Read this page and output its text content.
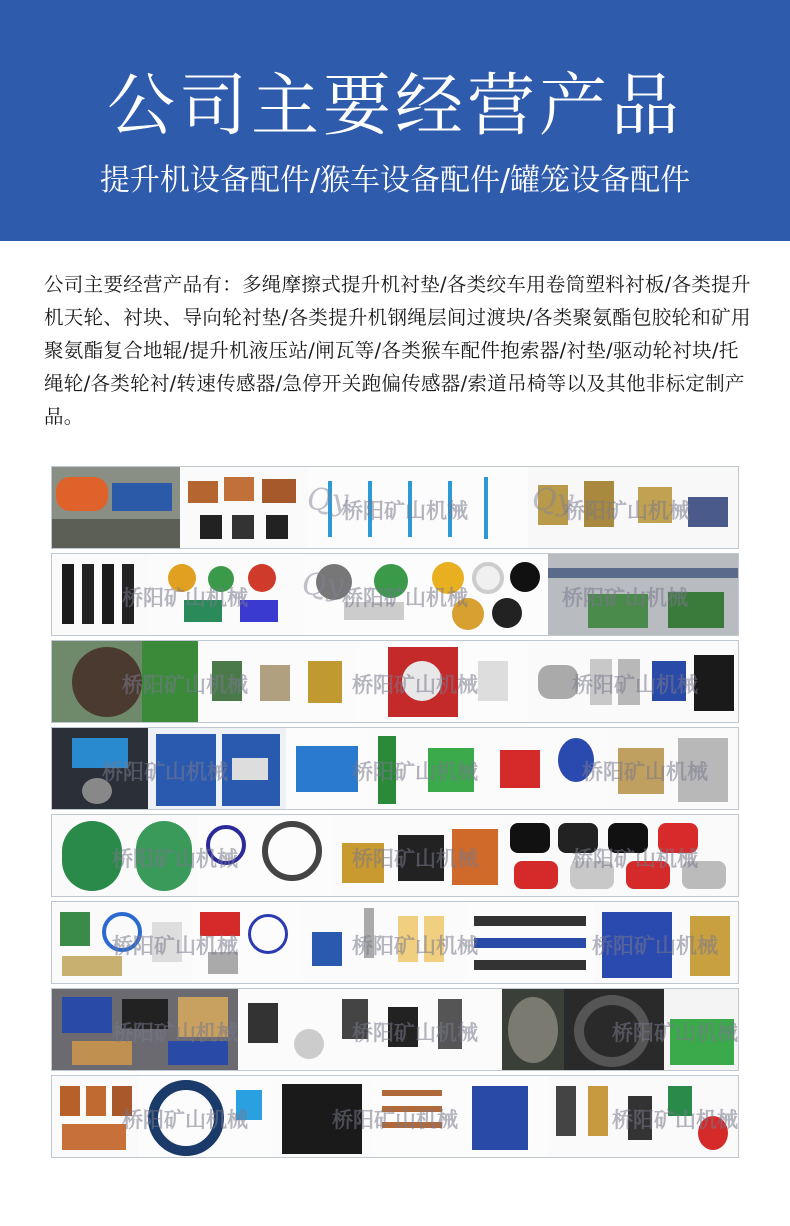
公司主要经营产品
提升机设备配件/猴车设备配件/罐笼设备配件

公司主要经营产品有：多绳摩擦式提升机衬垫/各类绞车用卷筒塑料衬板/各类提升机天轮、衬块、导向轮衬垫/各类提升机钢绳层间过渡块/各类聚氨酯包胶轮和矿用聚氨酯复合地辊/提升机液压站/闸瓦等/各类猴车配件抱索器/衬垫/驱动轮衬块/托绳轮/各类轮衬/转速传感器/急停开关跑偏传感器/索道吊椅等以及其他非标定制产品。

Qy
桥阳矿山机械 Qy
桥阳矿山机械
Qy
桥阳矿山机械	桥阳矿山机械	桥阳矿山机械
桥阳矿山机械	桥阳矿山机械	桥阳矿山机械
桥阳矿山机械	桥阳矿山机械	桥阳矿山机械
桥阳矿山机械	桥阳矿山机械	桥阳矿山机械
桥阳矿山机械	桥阳矿山机械	桥阳矿山机械
桥阳矿山机械	桥阳矿山机械	桥阳矿山机械
桥阳矿山机械	桥阳矿山机械	桥阳矿山机械
